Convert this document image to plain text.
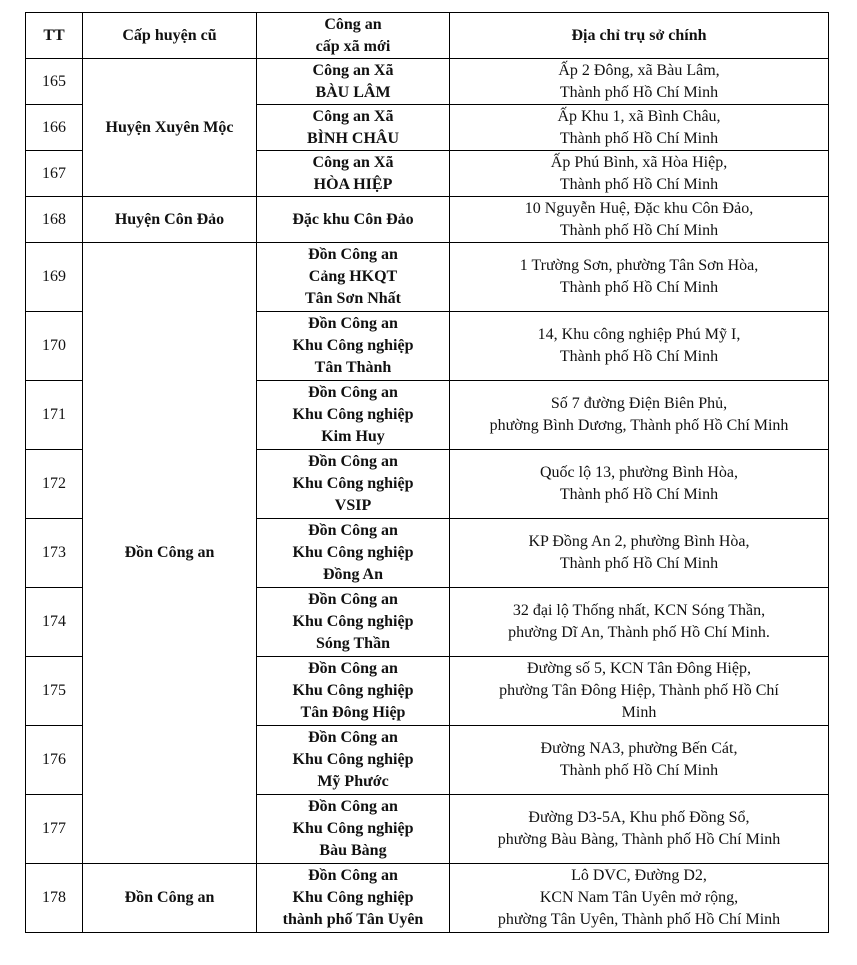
TT	Cấp huyện cũ	Công an
cấp xã mới	Địa chỉ trụ sở chính
165	Huyện Xuyên Mộc	Công an Xã
BÀU LÂM	Ấp 2 Đông, xã Bàu Lâm,
Thành phố Hồ Chí Minh

166		Công an Xã
BÌNH CHÂU	Ấp Khu 1, xã Bình Châu,
Thành phố Hồ Chí Minh

167		Công an Xã
HÒA HIỆP	Ấp Phú Bình, xã Hòa Hiệp,
Thành phố Hồ Chí Minh

168	Huyện Côn Đảo	Đặc khu Côn Đảo	10 Nguyễn Huệ, Đặc khu Côn Đảo,
Thành phố Hồ Chí Minh

169	Đồn Công an	Đồn Công an
Cảng HKQT
Tân Sơn Nhất	1 Trường Sơn, phường Tân Sơn Hòa,
Thành phố Hồ Chí Minh

170		Đồn Công an
Khu Công nghiệp
Tân Thành	14, Khu công nghiệp Phú Mỹ I,
Thành phố Hồ Chí Minh

171		Đồn Công an
Khu Công nghiệp
Kim Huy	Số 7 đường Điện Biên Phủ,
phường Bình Dương, Thành phố Hồ Chí Minh

172		Đồn Công an
Khu Công nghiệp
VSIP	Quốc lộ 13, phường Bình Hòa,
Thành phố Hồ Chí Minh

173		Đồn Công an
Khu Công nghiệp
Đồng An	KP Đồng An 2, phường Bình Hòa,
Thành phố Hồ Chí Minh

174		Đồn Công an
Khu Công nghiệp
Sóng Thần	32 đại lộ Thống nhất, KCN Sóng Thần,
phường Dĩ An, Thành phố Hồ Chí Minh.

175		Đồn Công an
Khu Công nghiệp
Tân Đông Hiệp	Đường số 5, KCN Tân Đông Hiệp,
phường Tân Đông Hiệp, Thành phố Hồ Chí
Minh

176		Đồn Công an
Khu Công nghiệp
Mỹ Phước	Đường NA3, phường Bến Cát,
Thành phố Hồ Chí Minh

177		Đồn Công an
Khu Công nghiệp
Bàu Bàng	Đường D3-5A, Khu phố Đồng Sổ,
phường Bàu Bàng, Thành phố Hồ Chí Minh

178	Đồn Công an	Đồn Công an
Khu Công nghiệp
thành phố Tân Uyên	Lô DVC, Đường D2,
KCN Nam Tân Uyên mở rộng,
phường Tân Uyên, Thành phố Hồ Chí Minh
